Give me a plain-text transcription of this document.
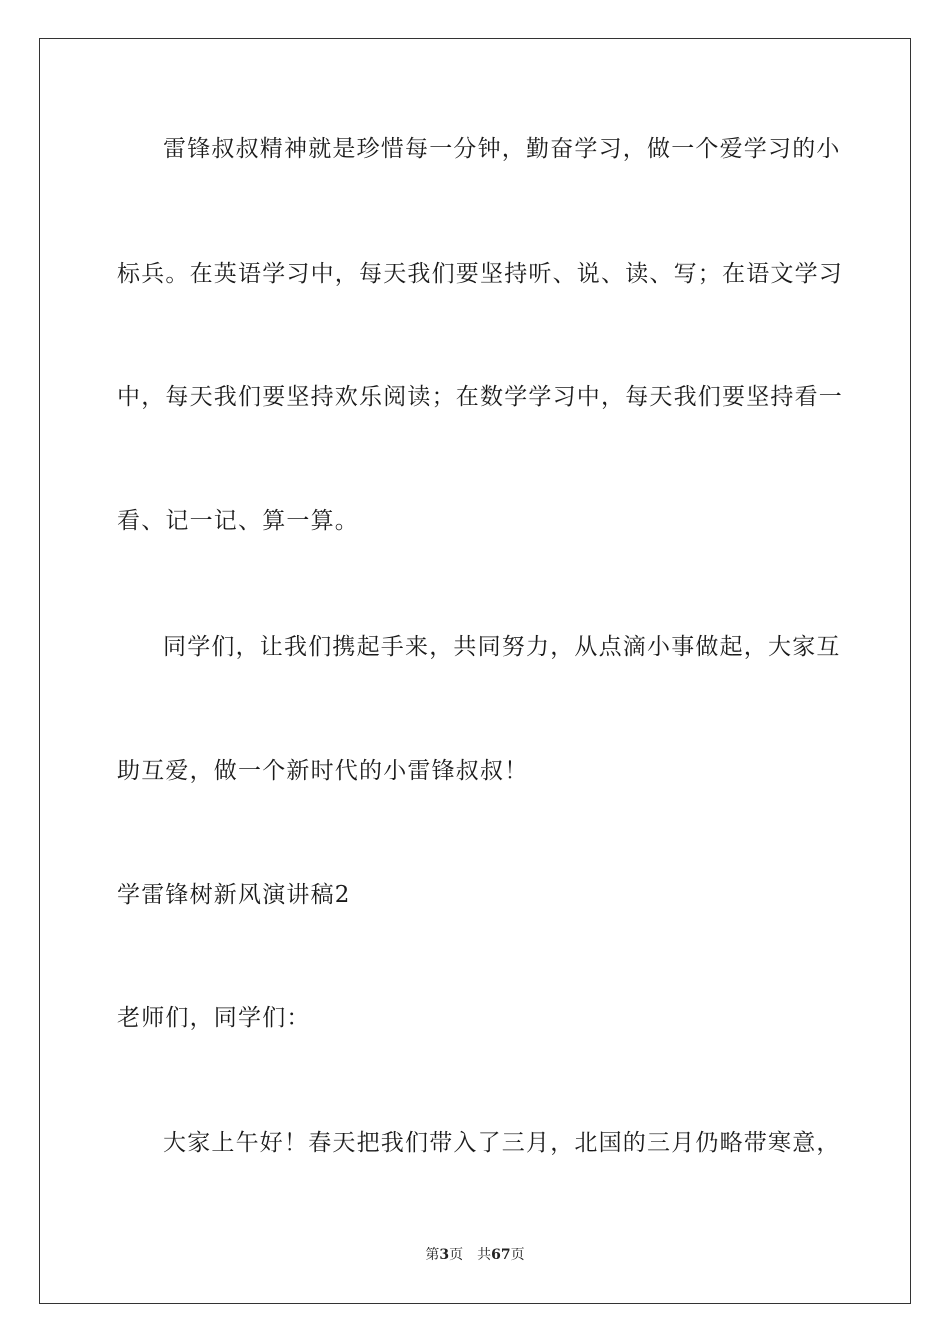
雷锋叔叔精神就是珍惜每一分钟，勤奋学习，做一个爱学习的小
标兵。在英语学习中，每天我们要坚持听、说、读、写；在语文学习
中，每天我们要坚持欢乐阅读；在数学学习中，每天我们要坚持看一
看、记一记、算一算。
同学们，让我们携起手来，共同努力，从点滴小事做起，大家互
助互爱，做一个新时代的小雷锋叔叔！
学雷锋树新风演讲稿2
老师们，同学们：
大家上午好！春天把我们带入了三月，北国的三月仍略带寒意，
第3页 共67页
